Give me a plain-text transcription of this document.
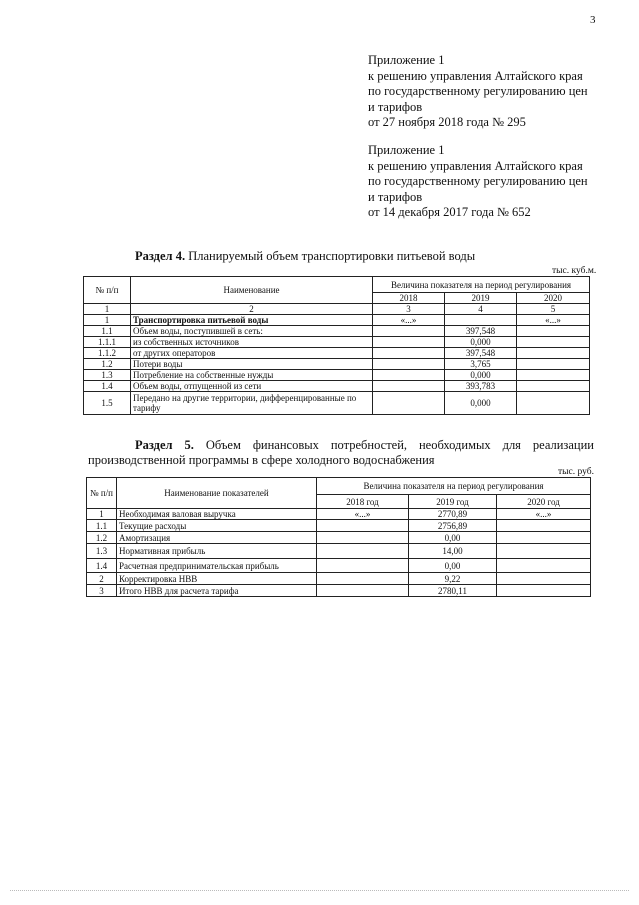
3
Приложение 1
к решению управления Алтайского края
по государственному регулированию цен
и тарифов
от 27 ноября 2018 года № 295
Приложение 1
к решению управления Алтайского края
по государственному регулированию цен
и тарифов
от 14 декабря 2017 года № 652
Раздел 4. Планируемый объем транспортировки питьевой воды
тыс. куб.м.
№ п/п	Наименование	Величина показателя на период регулирования		
		2018	2019	2020
1	2	3	4	5
1	Транспортировка питьевой воды	«...»		«...»
1.1	Объем воды, поступившей в сеть:		397,548	
1.1.1	из собственных источников		0,000	
1.1.2	от других операторов		397,548	
1.2	Потери воды		3,765	
1.3	Потребление на собственные нужды		0,000	
1.4	Объем воды, отпущенной из сети		393,783	
1.5	Передано на другие территории, дифференцированные по тарифу		0,000	
Раздел 5. Объем финансовых потребностей, необходимых для реализации производственной программы в сфере холодного водоснабжения
тыс. руб.
№ п/п	Наименование показателей	Величина показателя на период регулирования		
		2018 год	2019 год	2020 год
1	Необходимая валовая выручка	«...»	2770,89	«...»
1.1	Текущие расходы		2756,89	
1.2	Амортизация		0,00	
1.3	Нормативная прибыль		14,00	
1.4	Расчетная предпринимательская прибыль		0,00	
2	Корректировка НВВ		9,22	
3	Итого НВВ для расчета тарифа		2780,11	
